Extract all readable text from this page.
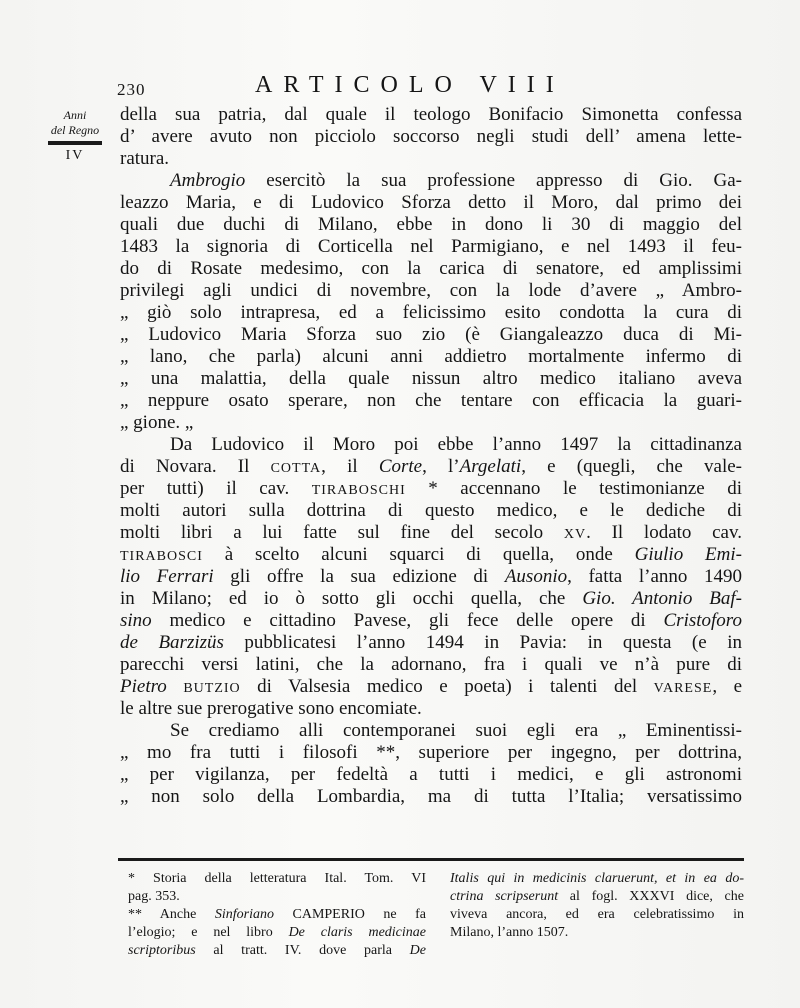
230	ARTICOLO VIII
Anni
del Regno
IV
della sua patria, dal quale il teologo Bonifacio Simonetta confessa
d’ avere avuto non picciolo soccorso negli studi dell’ amena lette-
ratura.
Ambrogio esercitò la sua professione appresso di Gio. Ga-
leazzo Maria, e di Ludovico Sforza detto il Moro, dal primo dei
quali due duchi di Milano, ebbe in dono li 30 di maggio del
1483 la signoria di Corticella nel Parmigiano, e nel 1493 il feu-
do di Rosate medesimo, con la carica di senatore, ed amplissimi
privilegi agli undici di novembre, con la lode d’avere „ Ambro-
„ giò solo intrapresa, ed a felicissimo esito condotta la cura di
„ Ludovico Maria Sforza suo zio (è Giangaleazzo duca di Mi-
„ lano, che parla) alcuni anni addietro mortalmente infermo di
„ una malattia, della quale nissun altro medico italiano aveva
„ neppure osato sperare, non che tentare con efficacia la guari-
„ gione. „
Da Ludovico il Moro poi ebbe l’anno 1497 la cittadinanza
di Novara. Il COTTA, il Corte, l’Argelati, e (quegli, che vale-
per tutti) il cav. TIRABOSCHI * accennano le testimonianze di
molti autori sulla dottrina di questo medico, e le dediche di
molti libri a lui fatte sul fine del secolo XV. Il lodato cav.
TIRABOSCI à scelto alcuni squarci di quella, onde Giulio Emi-
lio Ferrari gli offre la sua edizione di Ausonio, fatta l’anno 1490
in Milano; ed io ò sotto gli occhi quella, che Gio. Antonio Baf-
sino medico e cittadino Pavese, gli fece delle opere di Cristoforo
de Barzizüs pubblicatesi l’anno 1494 in Pavia: in questa (e in
parecchi versi latini, che la adornano, fra i quali ve n’à pure di
Pietro BUTZIO di Valsesia medico e poeta) i talenti del VARESE, e
le altre sue prerogative sono encomiate.
Se crediamo alli contemporanei suoi egli era „ Eminentissi-
„ mo fra tutti i filosofi **, superiore per ingegno, per dottrina,
„ per vigilanza, per fedeltà a tutti i medici, e gli astronomi
„ non solo della Lombardia, ma di tutta l’Italia; versatissimo
* Storia della letteratura Ital. Tom. VI
pag. 353.
** Anche Sinforiano CAMPERIO ne fa
l’elogio; e nel libro De claris medicinae
scriptoribus al tratt. IV. dove parla De
Italis qui in medicinis claruerunt, et in ea do-
ctrina scripserunt al fogl. XXXVI dice, che
viveva ancora, ed era celebratissimo in
Milano, l’anno 1507.
